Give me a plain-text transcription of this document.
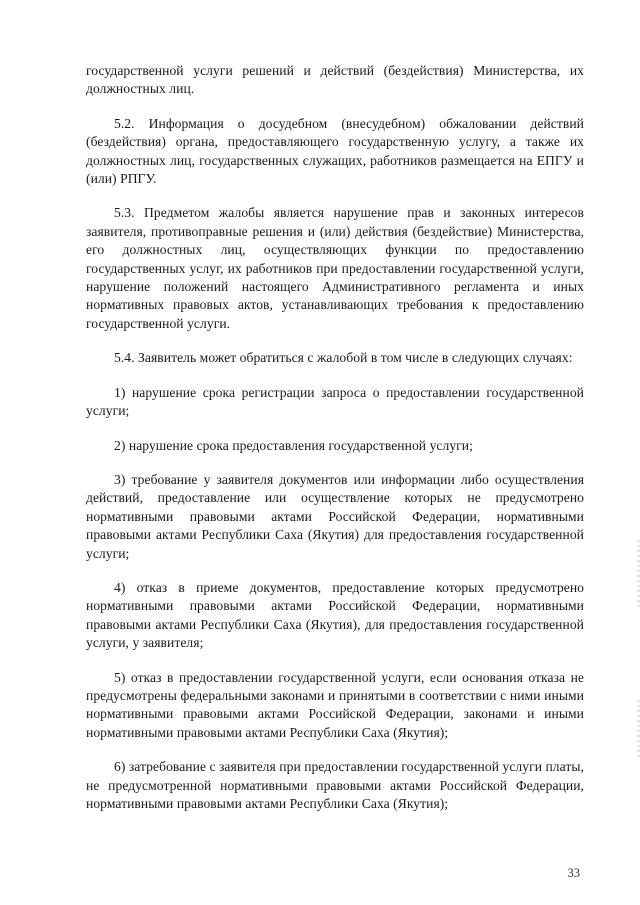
государственной услуги решений и действий (бездействия) Министерства, их должностных лиц.

5.2. Информация о досудебном (внесудебном) обжаловании действий (бездействия) органа, предоставляющего государственную услугу, а также их должностных лиц, государственных служащих, работников размещается на ЕПГУ и (или) РПГУ.

5.3. Предметом жалобы является нарушение прав и законных интересов заявителя, противоправные решения и (или) действия (бездействие) Министерства, его должностных лиц, осуществляющих функции по предоставлению государственных услуг, их работников при предоставлении государственной услуги, нарушение положений настоящего Административного регламента и иных нормативных правовых актов, устанавливающих требования к предоставлению государственной услуги.

5.4. Заявитель может обратиться с жалобой в том числе в следующих случаях:

1) нарушение срока регистрации запроса о предоставлении государственной услуги;

2) нарушение срока предоставления государственной услуги;

3) требование у заявителя документов или информации либо осуществления действий, предоставление или осуществление которых не предусмотрено нормативными правовыми актами Российской Федерации, нормативными правовыми актами Республики Саха (Якутия) для предоставления государственной услуги;

4) отказ в приеме документов, предоставление которых предусмотрено нормативными правовыми актами Российской Федерации, нормативными правовыми актами Республики Саха (Якутия), для предоставления государственной услуги, у заявителя;

5) отказ в предоставлении государственной услуги, если основания отказа не предусмотрены федеральными законами и принятыми в соответствии с ними иными нормативными правовыми актами Российской Федерации, законами и иными нормативными правовыми актами Республики Саха (Якутия);

6) затребование с заявителя при предоставлении государственной услуги платы, не предусмотренной нормативными правовыми актами Российской Федерации, нормативными правовыми актами Республики Саха (Якутия);

33
